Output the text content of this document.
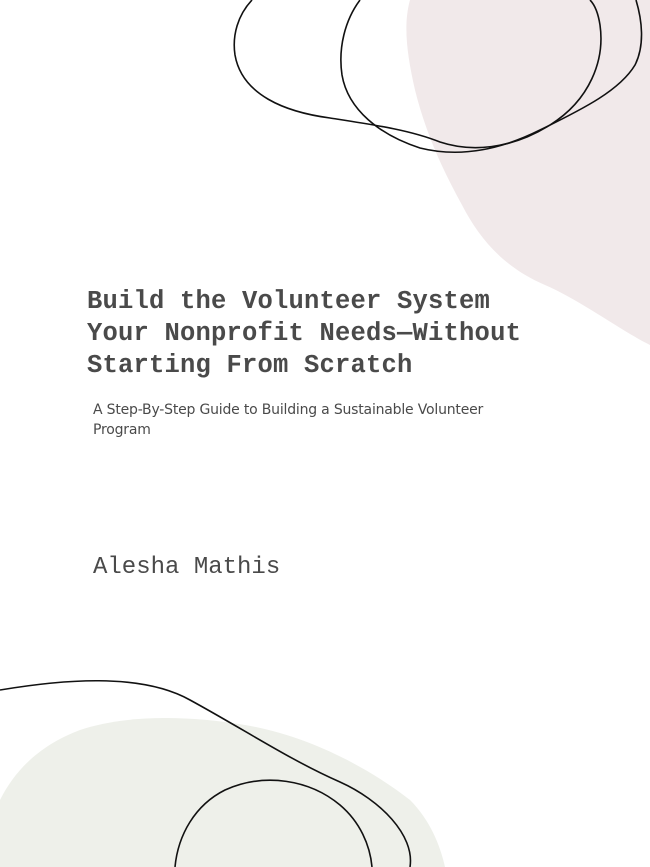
Build the Volunteer System
Your Nonprofit Needs—Without
Starting From Scratch

A Step-By-Step Guide to Building a Sustainable Volunteer
Program

Alesha Mathis
